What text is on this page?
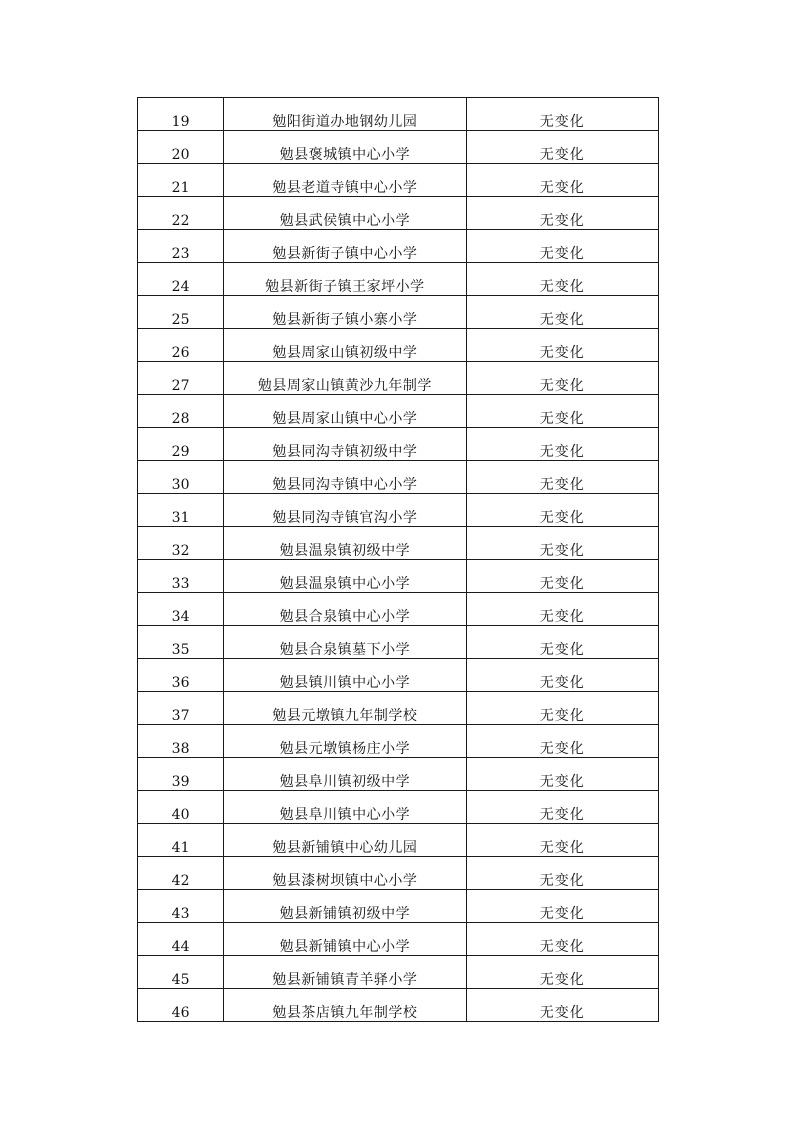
19	勉阳街道办地钢幼儿园	无变化
20	勉县褒城镇中心小学	无变化
21	勉县老道寺镇中心小学	无变化
22	勉县武侯镇中心小学	无变化
23	勉县新街子镇中心小学	无变化
24	勉县新街子镇王家坪小学	无变化
25	勉县新街子镇小寨小学	无变化
26	勉县周家山镇初级中学	无变化
27	勉县周家山镇黄沙九年制学	无变化
28	勉县周家山镇中心小学	无变化
29	勉县同沟寺镇初级中学	无变化
30	勉县同沟寺镇中心小学	无变化
31	勉县同沟寺镇官沟小学	无变化
32	勉县温泉镇初级中学	无变化
33	勉县温泉镇中心小学	无变化
34	勉县合泉镇中心小学	无变化
35	勉县合泉镇墓下小学	无变化
36	勉县镇川镇中心小学	无变化
37	勉县元墩镇九年制学校	无变化
38	勉县元墩镇杨庄小学	无变化
39	勉县阜川镇初级中学	无变化
40	勉县阜川镇中心小学	无变化
41	勉县新铺镇中心幼儿园	无变化
42	勉县漆树坝镇中心小学	无变化
43	勉县新铺镇初级中学	无变化
44	勉县新铺镇中心小学	无变化
45	勉县新铺镇青羊驿小学	无变化
46	勉县茶店镇九年制学校	无变化
